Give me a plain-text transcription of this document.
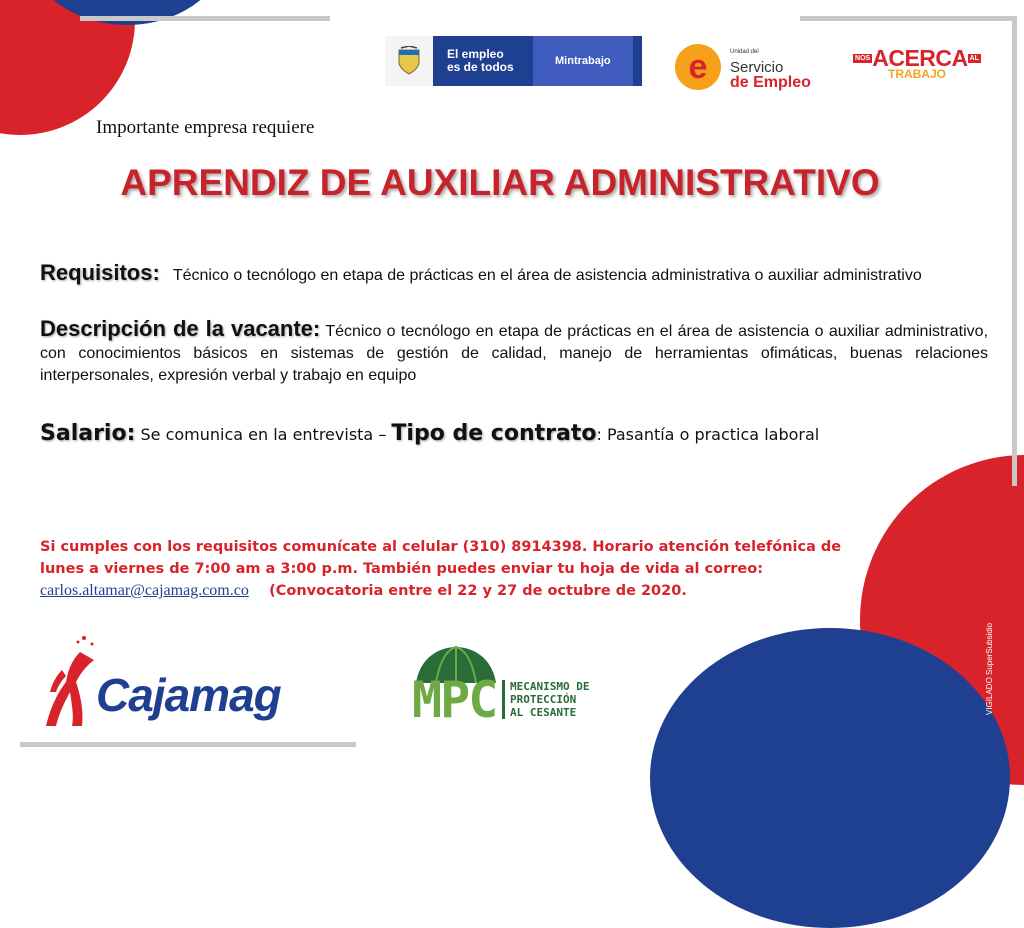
El empleo
es de todos	Mintrabajo	e	Unidad del
Servicio
de Empleo
NOS ACERCA AL
TRABAJO
Importante empresa requiere
APRENDIZ DE AUXILIAR ADMINISTRATIVO
Requisitos: Técnico o tecnólogo en etapa de prácticas en el área de asistencia administrativa o auxiliar administrativo
Descripción de la vacante: Técnico o tecnólogo en etapa de prácticas en el área de asistencia o auxiliar administrativo, con conocimientos básicos en sistemas de gestión de calidad, manejo de herramientas ofimáticas, buenas relaciones interpersonales, expresión verbal y trabajo en equipo
Salario: Se comunica en la entrevista – Tipo de contrato: Pasantía o practica laboral
Si cumples con los requisitos comunícate al celular (310) 8914398. Horario atención telefónica de lunes a viernes de 7:00 am a 3:00 p.m. También puedes enviar tu hoja de vida al correo:
carlos.altamar@cajamag.com.co (Convocatoria entre el 22 y 27 de octubre de 2020.
Cajamag	MPC MECANISMO DE
PROTECCIÓN
AL CESANTE	VIGILADO SuperSubsidio
